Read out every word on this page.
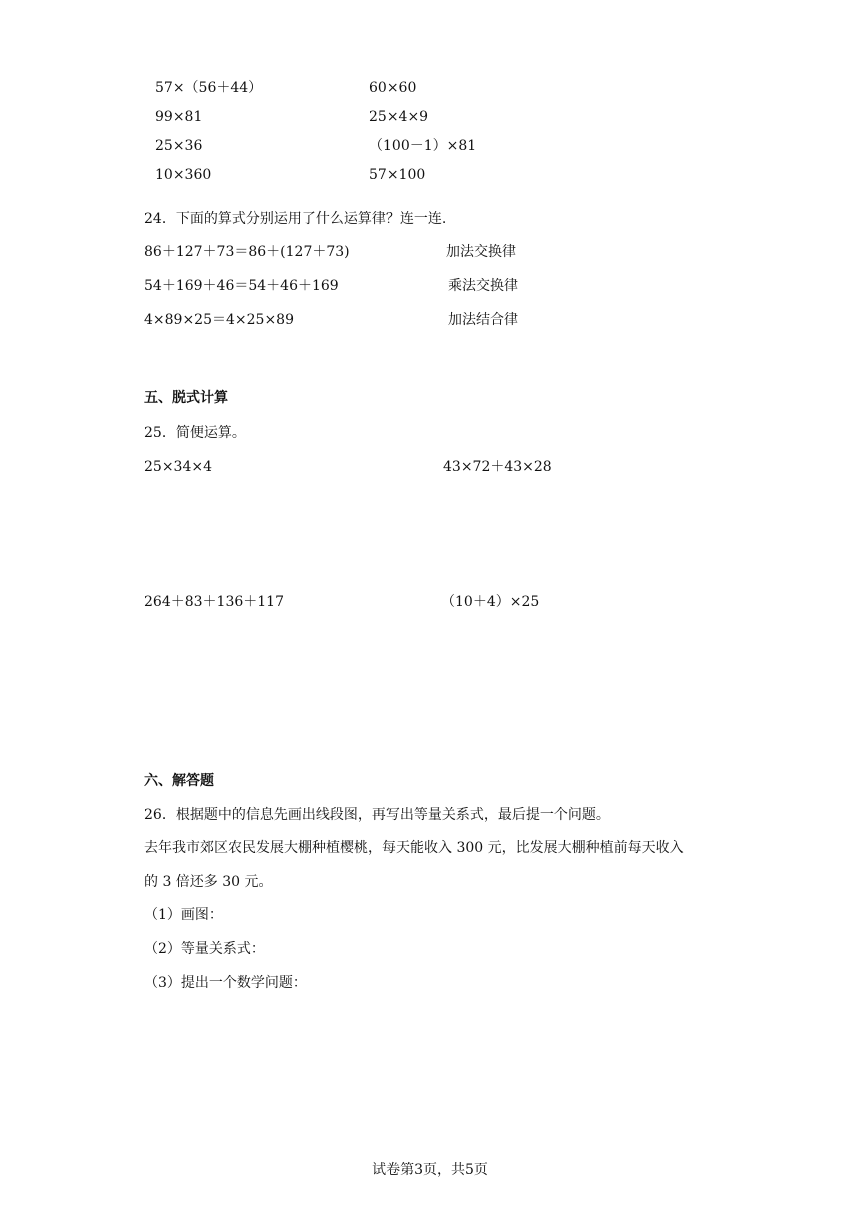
57×（56＋44）	60×60
99×81	25×4×9
25×36	（100－1）×81
10×360	57×100
24．下面的算式分别运用了什么运算律？连一连.
86＋127＋73＝86＋(127＋73)	加法交换律
54＋169＋46＝54＋46＋169	乘法交换律
4×89×25＝4×25×89	加法结合律
五、脱式计算
25．简便运算。
25×34×4	43×72＋43×28
264＋83＋136＋117	（10＋4）×25
六、解答题
26．根据题中的信息先画出线段图，再写出等量关系式，最后提一个问题。
去年我市郊区农民发展大棚种植樱桃，每天能收入 300 元，比发展大棚种植前每天收入
的 3 倍还多 30 元。
（1）画图：
（2）等量关系式：
（3）提出一个数学问题：
试卷第3页，共5页
